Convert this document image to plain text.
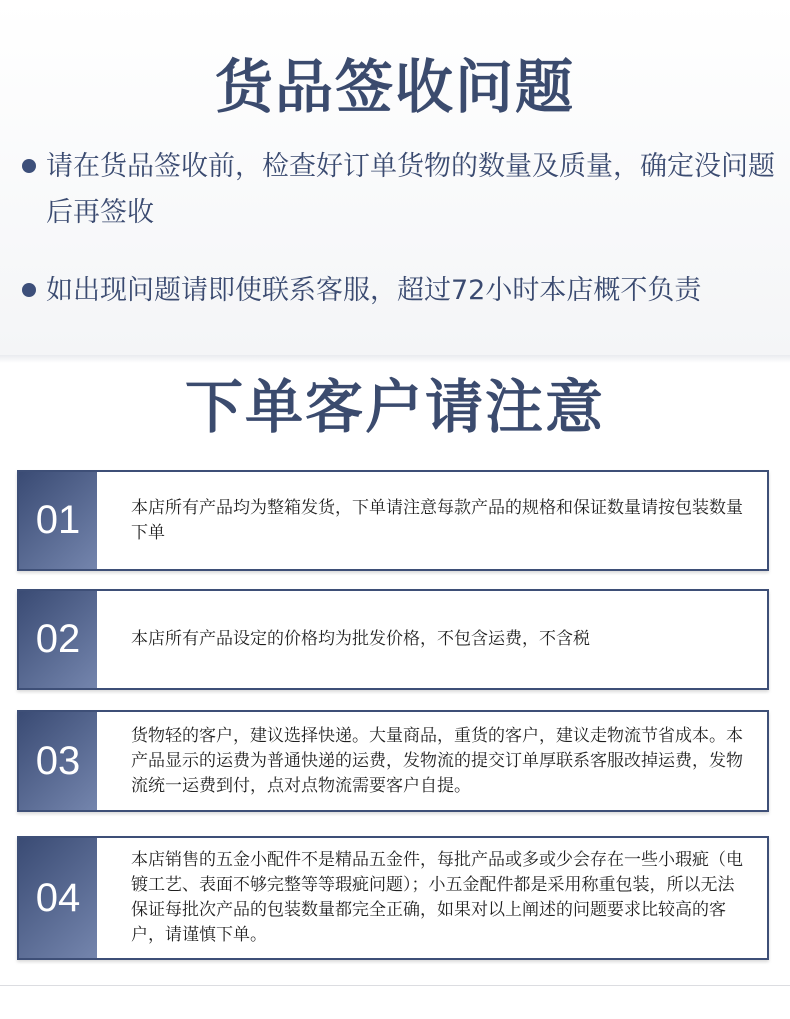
货品签收问题
请在货品签收前，检查好订单货物的数量及质量，确定没问题后再签收
如出现问题请即使联系客服，超过72小时本店概不负责
下单客户请注意
01	本店所有产品均为整箱发货，下单请注意每款产品的规格和保证数量请按包装数量下单
02	本店所有产品设定的价格均为批发价格，不包含运费，不含税
03
货物轻的客户，建议选择快递。大量商品，重货的客户，建议走物流节省成本。本产品显示的运费为普通快递的运费，发物流的提交订单厚联系客服改掉运费，发物流统一运费到付，点对点物流需要客户自提。
04
本店销售的五金小配件不是精品五金件，每批产品或多或少会存在一些小瑕疵（电镀工艺、表面不够完整等等瑕疵问题）；小五金配件都是采用称重包装，所以无法保证每批次产品的包装数量都完全正确，如果对以上阐述的问题要求比较高的客户，请谨慎下单。
